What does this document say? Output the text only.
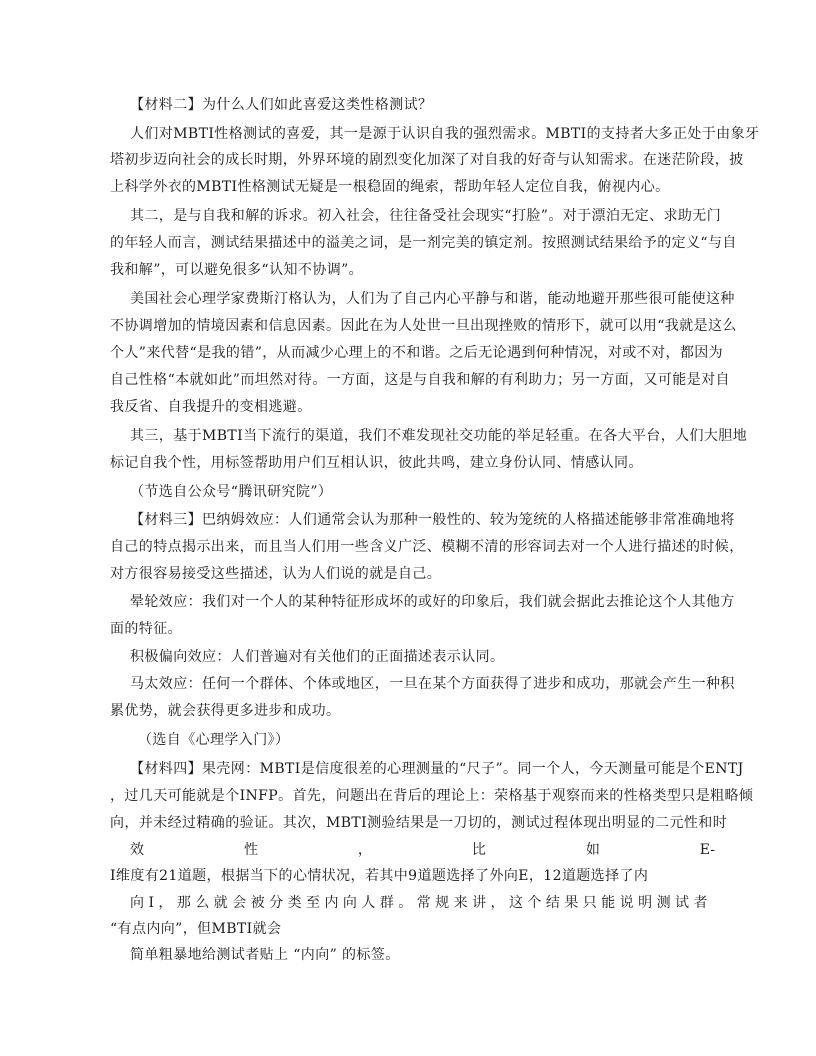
【材料二】为什么人们如此喜爱这类性格测试？
人们对MBTI性格测试的喜爱，其一是源于认识自我的强烈需求。MBTI的支持者大多正处于由象牙
塔初步迈向社会的成长时期，外界环境的剧烈变化加深了对自我的好奇与认知需求。在迷茫阶段，披
上科学外衣的MBTI性格测试无疑是一根稳固的绳索，帮助年轻人定位自我，俯视内心。
其二，是与自我和解的诉求。初入社会，往往备受社会现实“打脸”。对于漂泊无定、求助无门
的年轻人而言，测试结果描述中的溢美之词，是一剂完美的镇定剂。按照测试结果给予的定义“与自
我和解”，可以避免很多“认知不协调”。
美国社会心理学家费斯汀格认为，人们为了自己内心平静与和谐，能动地避开那些很可能使这种
不协调增加的情境因素和信息因素。因此在为人处世一旦出现挫败的情形下，就可以用“我就是这么
个人”来代替“是我的错”，从而减少心理上的不和谐。之后无论遇到何种情况，对或不对，都因为
自己性格“本就如此”而坦然对待。一方面，这是与自我和解的有利助力；另一方面，又可能是对自
我反省、自我提升的变相逃避。
其三，基于MBTI当下流行的渠道，我们不难发现社交功能的举足轻重。在各大平台，人们大胆地
标记自我个性，用标签帮助用户们互相认识，彼此共鸣，建立身份认同、情感认同。
（节选自公众号“腾讯研究院”）
【材料三】巴纳姆效应：人们通常会认为那种一般性的、较为笼统的人格描述能够非常准确地将
自己的特点揭示出来，而且当人们用一些含义广泛、模糊不清的形容词去对一个人进行描述的时候，
对方很容易接受这些描述，认为人们说的就是自己。
晕轮效应：我们对一个人的某种特征形成坏的或好的印象后，我们就会据此去推论这个人其他方
面的特征。
积极偏向效应：人们普遍对有关他们的正面描述表示认同。
马太效应：任何一个群体、个体或地区，一旦在某个方面获得了进步和成功，那就会产生一种积
累优势，就会获得更多进步和成功。
（选自《心理学入门》）
【材料四】果壳网：MBTI是信度很差的心理测量的“尺子”。同一个人，今天测量可能是个ENTJ
，过几天可能就是个INFP。首先，问题出在背后的理论上：荣格基于观察而来的性格类型只是粗略倾
向，并未经过精确的验证。其次，MBTI测验结果是一刀切的，测试过程体现出明显的二元性和时
效	性	，	比	如	E-
I维度有21道题，根据当下的心情状况，若其中9道题选择了外向E，12道题选择了内
向 I ， 那 么 就 会 被 分 类 至 内 向 人 群 。 常 规 来 讲 ， 这 个 结 果 只 能 说 明 测 试 者
“有点内向”，但MBTI就会
简单粗暴地给测试者贴上 “内向” 的标签。
